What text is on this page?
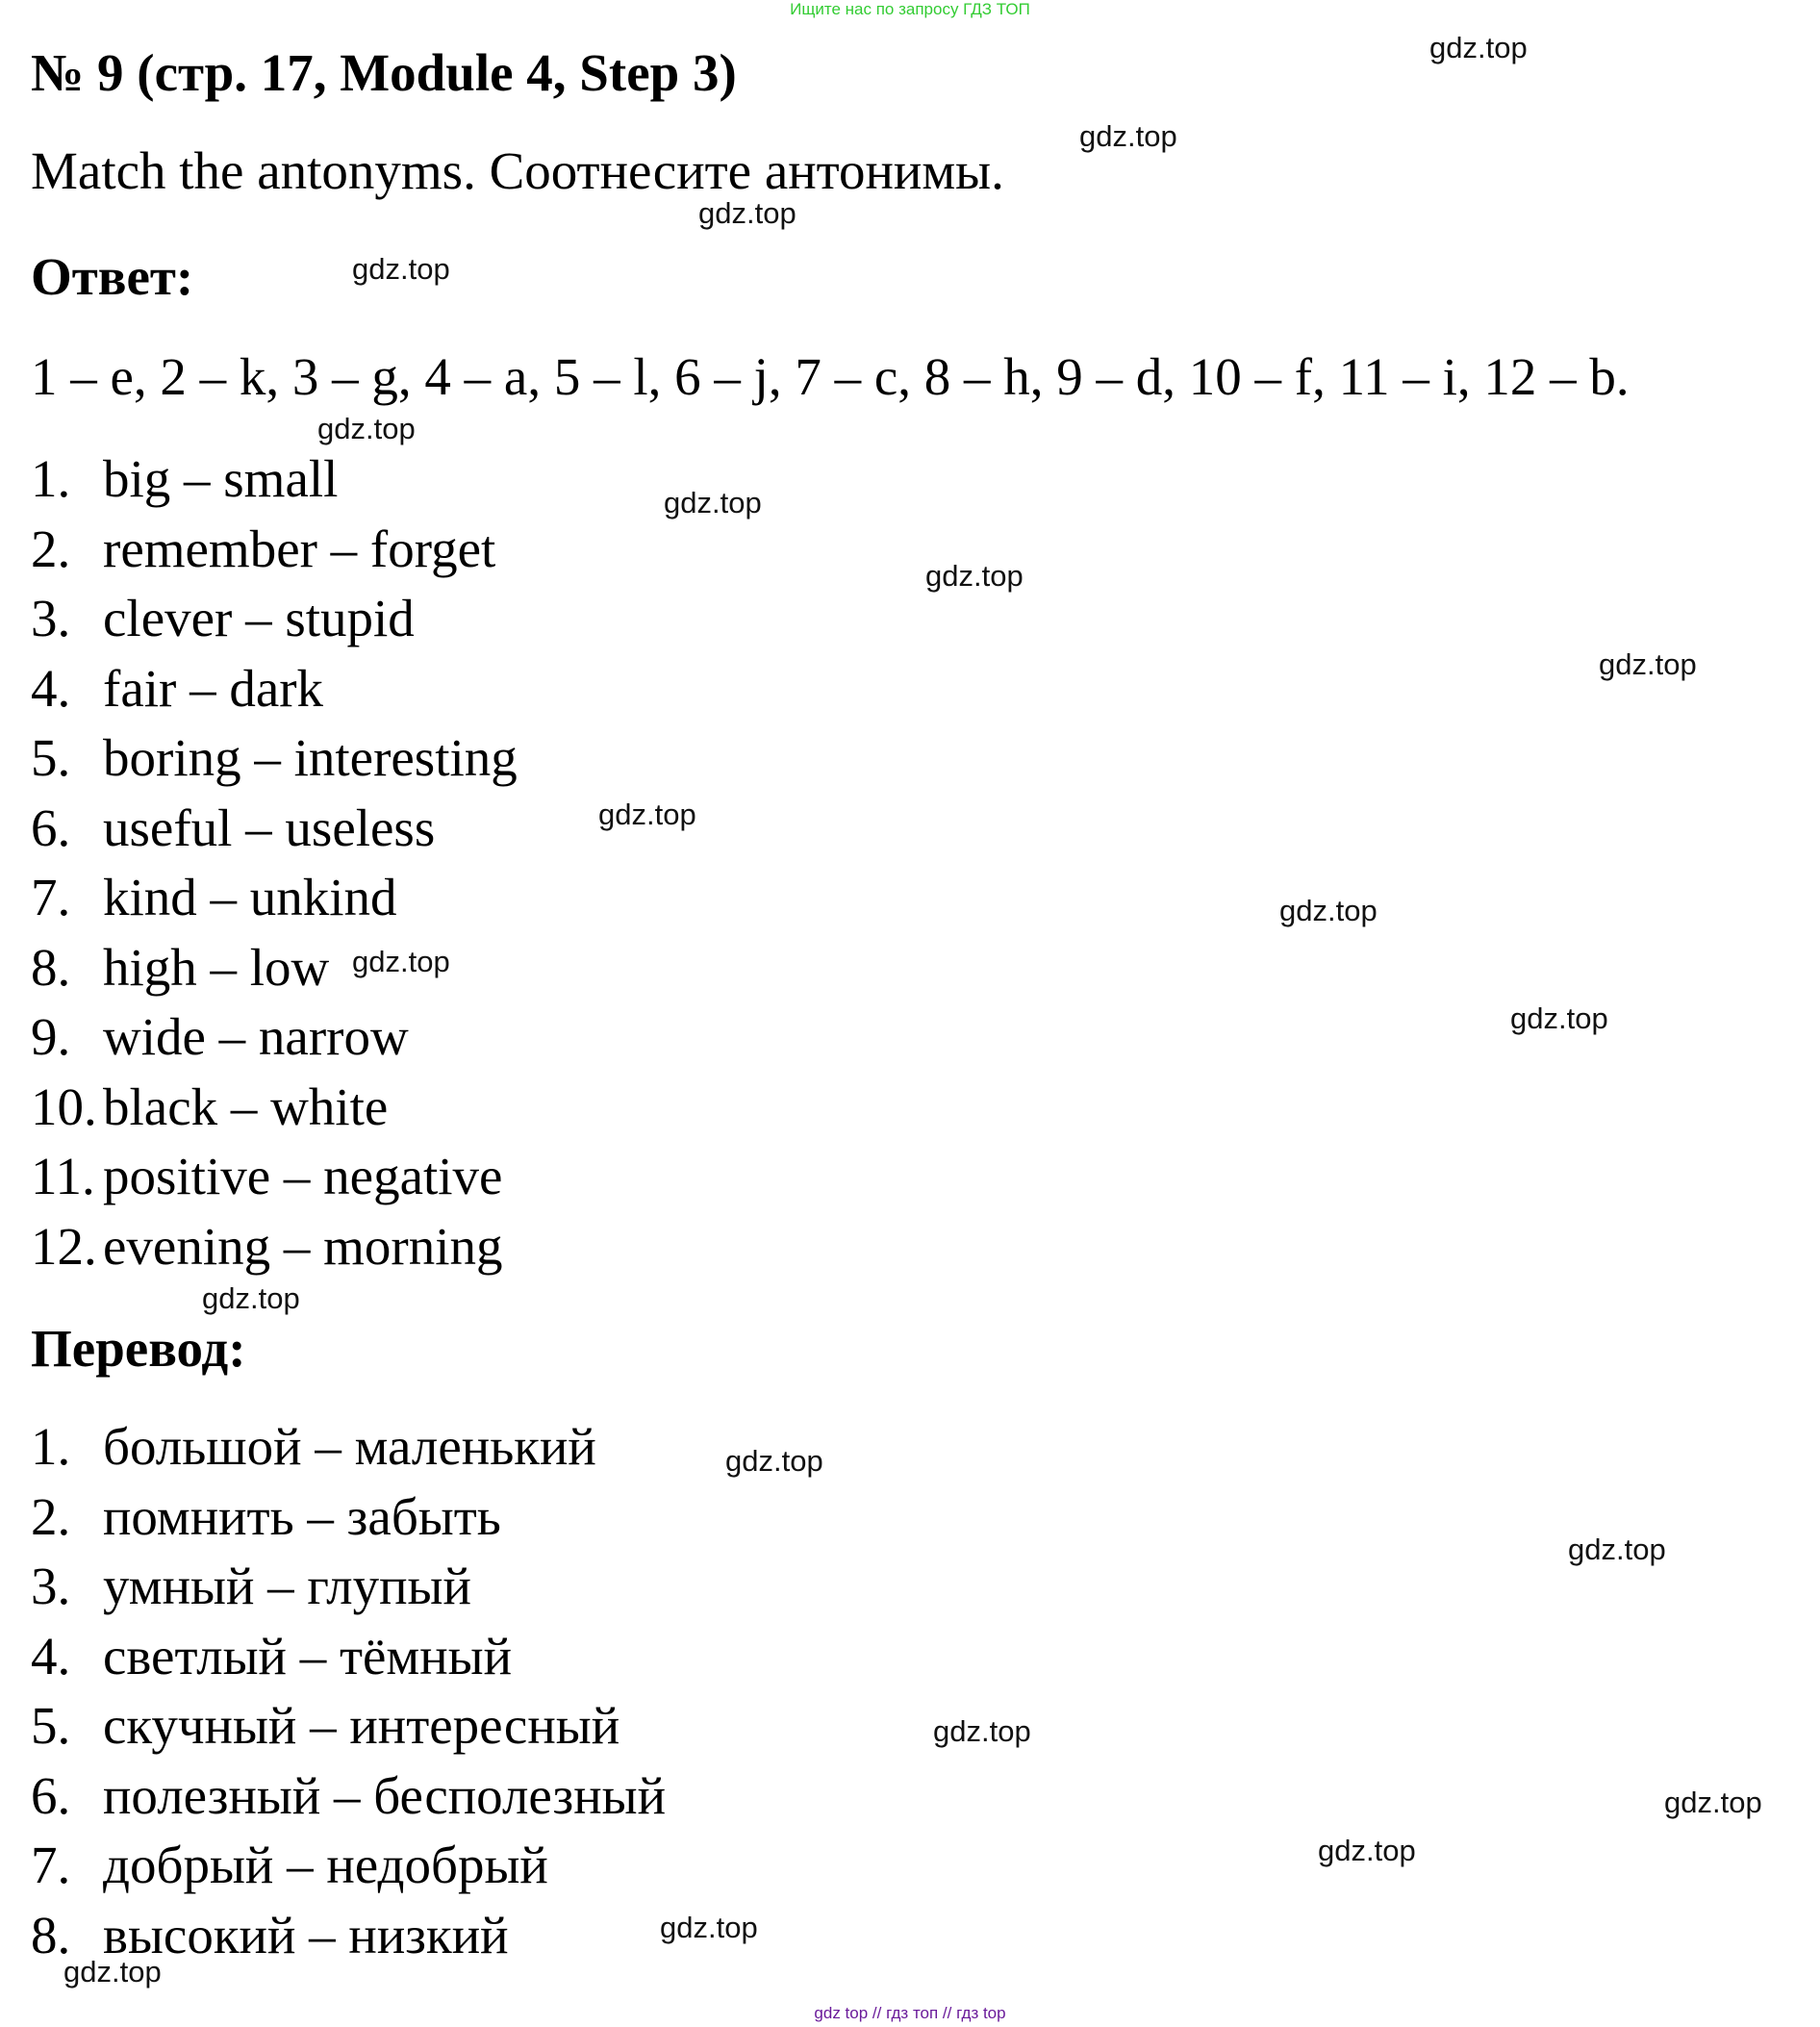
Ищите нас по запросу ГДЗ ТОП
№ 9 (стр. 17, Module 4, Step 3)

Match the antonyms. Соотнесите антонимы.

Ответ:

1 – e, 2 – k, 3 – g, 4 – a, 5 – l, 6 – j, 7 – c, 8 – h, 9 – d, 10 – f, 11 – i, 12 – b.

1. big – small
2. remember – forget
3. clever – stupid
4. fair – dark
5. boring – interesting
6. useful – useless
7. kind – unkind
8. high – low
9. wide – narrow
10. black – white
11. positive – negative
12. evening – morning
Перевод:
1. большой – маленький
2. помнить – забыть
3. умный – глупый
4. светлый – тёмный
5. скучный – интересный
6. полезный – бесполезный
7. добрый – недобрый
8. высокий – низкий
gdz.top
gdz.top
gdz.top
gdz.top
gdz.top
gdz.top
gdz.top
gdz.top
gdz.top
gdz.top
gdz.top
gdz.top
gdz.top
gdz.top
gdz.top
gdz.top
gdz.top
gdz.top
gdz.top
gdz.top
gdz top // гдз топ // гдз top
